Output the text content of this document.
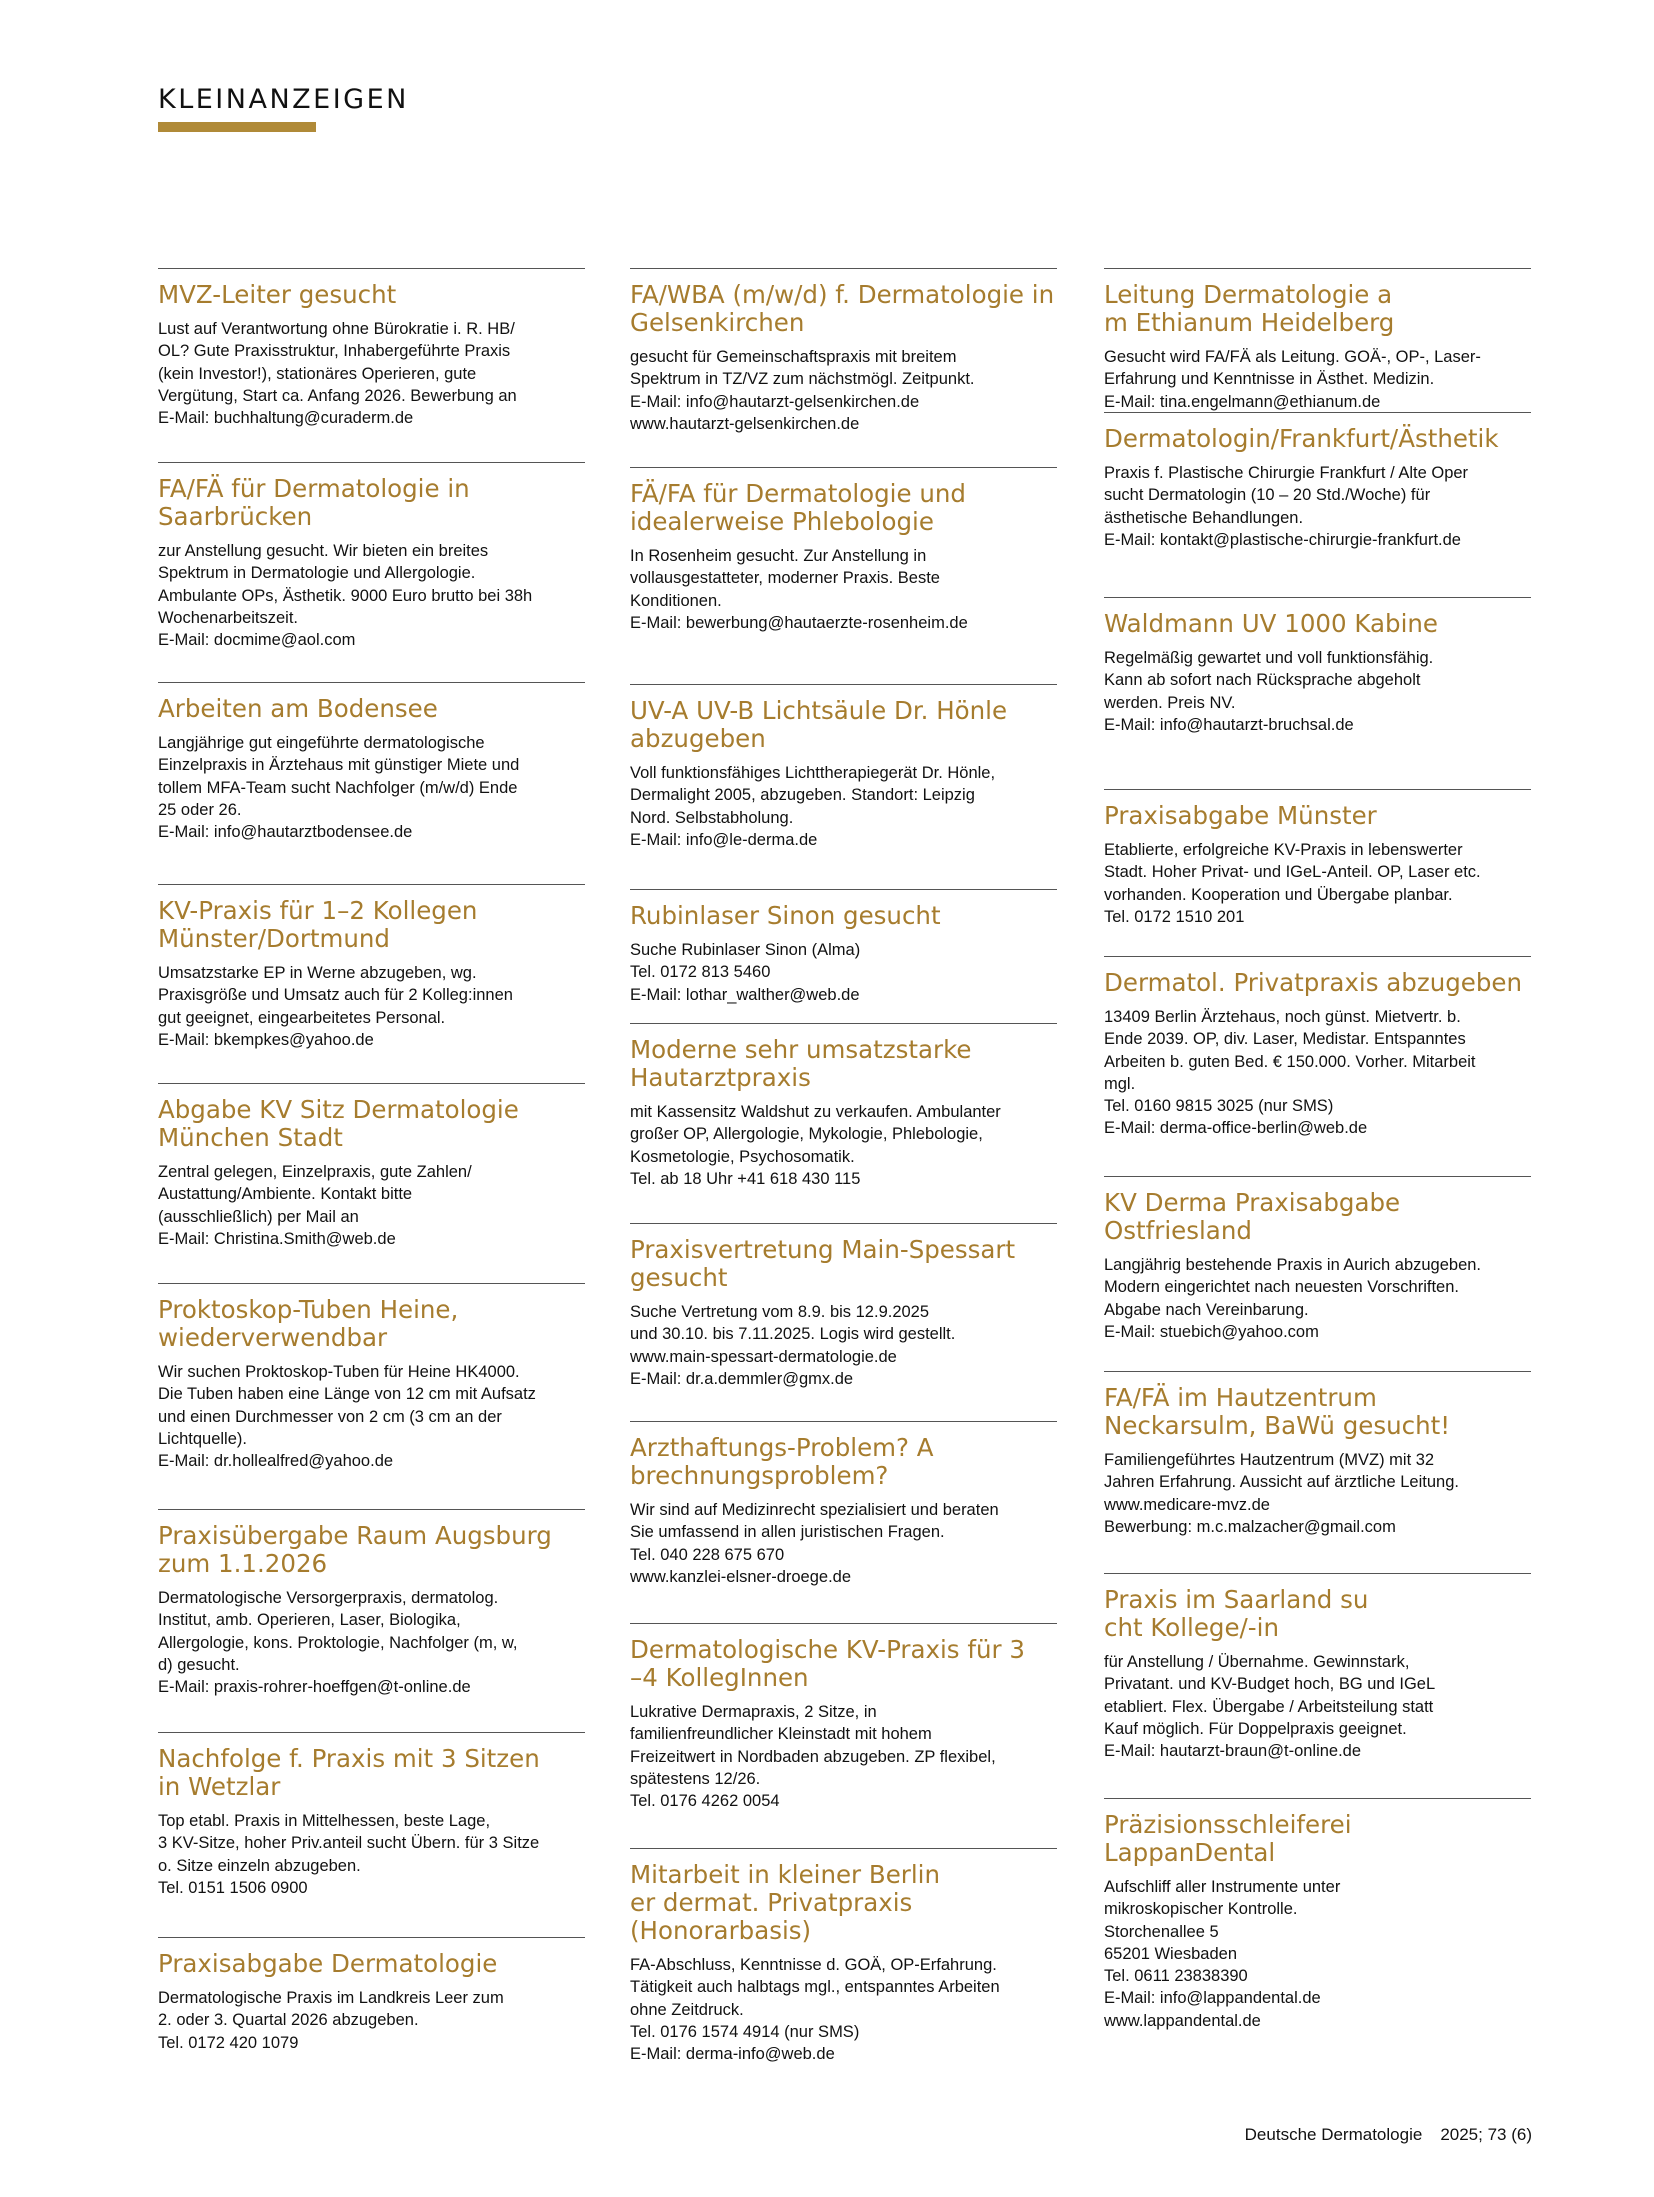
KLEINANZEIGEN
MVZ-Leiter gesucht
Lust auf Verantwortung ohne Bürokratie i. R. HB/
OL? Gute Praxisstruktur, Inhabergeführte Praxis
(kein Investor!), stationäres Operieren, gute
Vergütung, Start ca. Anfang 2026. Bewerbung an
E-Mail: buchhaltung@curaderm.de
FA/FÄ für Dermatologie in
Saarbrücken
zur Anstellung gesucht. Wir bieten ein breites
Spektrum in Dermatologie und Allergologie.
Ambulante OPs, Ästhetik. 9000 Euro brutto bei 38h
Wochenarbeitszeit.
E-Mail: docmime@aol.com
Arbeiten am Bodensee
Langjährige gut eingeführte dermatologische
Einzelpraxis in Ärztehaus mit günstiger Miete und
tollem MFA-Team sucht Nachfolger (m/w/d) Ende
25 oder 26.
E-Mail: info@hautarztbodensee.de
KV-Praxis für 1–2 Kollegen
Münster/Dortmund
Umsatzstarke EP in Werne abzugeben, wg.
Praxisgröße und Umsatz auch für 2 Kolleg:innen
gut geeignet, eingearbeitetes Personal.
E-Mail: bkempkes@yahoo.de
Abgabe KV Sitz Dermatologie
München Stadt
Zentral gelegen, Einzelpraxis, gute Zahlen/
Austattung/Ambiente. Kontakt bitte
(ausschließlich) per Mail an
E-Mail: Christina.Smith@web.de
Proktoskop-Tuben Heine,
wiederverwendbar
Wir suchen Proktoskop-Tuben für Heine HK4000.
Die Tuben haben eine Länge von 12 cm mit Aufsatz
und einen Durchmesser von 2 cm (3 cm an der
Lichtquelle).
E-Mail: dr.hollealfred@yahoo.de
Praxisübergabe Raum Augsburg
zum 1.1.2026
Dermatologische Versorgerpraxis, dermatolog.
Institut, amb. Operieren, Laser, Biologika,
Allergologie, kons. Proktologie, Nachfolger (m, w,
d) gesucht.
E-Mail: praxis-rohrer-hoeffgen@t-online.de
Nachfolge f. Praxis mit 3 Sitzen
in Wetzlar
Top etabl. Praxis in Mittelhessen, beste Lage,
3 KV-Sitze, hoher Priv.anteil sucht Übern. für 3 Sitze
o. Sitze einzeln abzugeben.
Tel. 0151 1506 0900
Praxisabgabe Dermatologie
Dermatologische Praxis im Landkreis Leer zum
2. oder 3. Quartal 2026 abzugeben.
Tel. 0172 420 1079
FA/WBA (m/w/d) f. Dermatologie in
Gelsenkirchen
gesucht für Gemeinschaftspraxis mit breitem
Spektrum in TZ/VZ zum nächstmögl. Zeitpunkt.
E-Mail: info@hautarzt-gelsenkirchen.de
www.hautarzt-gelsenkirchen.de
FÄ/FA für Dermatologie und
idealerweise Phlebologie
In Rosenheim gesucht. Zur Anstellung in
vollausgestatteter, moderner Praxis. Beste
Konditionen.
E-Mail: bewerbung@hautaerzte-rosenheim.de
UV-A UV-B Lichtsäule Dr. Hönle
abzugeben
Voll funktionsfähiges Lichttherapiegerät Dr. Hönle,
Dermalight 2005, abzugeben. Standort: Leipzig
Nord. Selbstabholung.
E-Mail: info@le-derma.de
Rubinlaser Sinon gesucht
Suche Rubinlaser Sinon (Alma)
Tel. 0172 813 5460
E-Mail: lothar_walther@web.de
Moderne sehr umsatzstarke
Hautarztpraxis
mit Kassensitz Waldshut zu verkaufen. Ambulanter
großer OP, Allergologie, Mykologie, Phlebologie,
Kosmetologie, Psychosomatik.
Tel. ab 18 Uhr +41 618 430 115
Praxisvertretung Main-Spessart
gesucht
Suche Vertretung vom 8.9. bis 12.9.2025
und 30.10. bis 7.11.2025. Logis wird gestellt.
www.main-spessart-dermatologie.de
E-Mail: dr.a.demmler@gmx.de
Arzthaftungs-Problem? A
brechnungsproblem?
Wir sind auf Medizinrecht spezialisiert und beraten
Sie umfassend in allen juristischen Fragen.
Tel. 040 228 675 670
www.kanzlei-elsner-droege.de
Dermatologische KV-Praxis für 3
–4 KollegInnen
Lukrative Dermapraxis, 2 Sitze, in
familienfreundlicher Kleinstadt mit hohem
Freizeitwert in Nordbaden abzugeben. ZP flexibel,
spätestens 12/26.
Tel. 0176 4262 0054
Mitarbeit in kleiner Berlin
er dermat. Privatpraxis (Honorarbasis)
FA-Abschluss, Kenntnisse d. GOÄ, OP-Erfahrung.
Tätigkeit auch halbtags mgl., entspanntes Arbeiten
ohne Zeitdruck.
Tel. 0176 1574 4914 (nur SMS)
E-Mail: derma-info@web.de
Leitung Dermatologie a
m Ethianum Heidelberg
Gesucht wird FA/FÄ als Leitung. GOÄ-, OP-, Laser-
Erfahrung und Kenntnisse in Ästhet. Medizin.
E-Mail: tina.engelmann@ethianum.de
Dermatologin/Frankfurt/Ästhetik
Praxis f. Plastische Chirurgie Frankfurt / Alte Oper
sucht Dermatologin (10 – 20 Std./Woche) für
ästhetische Behandlungen.
E-Mail: kontakt@plastische-chirurgie-frankfurt.de
Waldmann UV 1000 Kabine
Regelmäßig gewartet und voll funktionsfähig.
Kann ab sofort nach Rücksprache abgeholt
werden. Preis NV.
E-Mail: info@hautarzt-bruchsal.de
Praxisabgabe Münster
Etablierte, erfolgreiche KV-Praxis in lebenswerter
Stadt. Hoher Privat- und IGeL-Anteil. OP, Laser etc.
vorhanden. Kooperation und Übergabe planbar.
Tel. 0172 1510 201
Dermatol. Privatpraxis abzugeben
13409 Berlin Ärztehaus, noch günst. Mietvertr. b.
Ende 2039. OP, div. Laser, Medistar. Entspanntes
Arbeiten b. guten Bed. € 150.000. Vorher. Mitarbeit
mgl.
Tel. 0160 9815 3025 (nur SMS)
E-Mail: derma-office-berlin@web.de
KV Derma Praxisabgabe
Ostfriesland
Langjährig bestehende Praxis in Aurich abzugeben.
Modern eingerichtet nach neuesten Vorschriften.
Abgabe nach Vereinbarung.
E-Mail: stuebich@yahoo.com
FA/FÄ im Hautzentrum
Neckarsulm, BaWü gesucht!
Familiengeführtes Hautzentrum (MVZ) mit 32
Jahren Erfahrung. Aussicht auf ärztliche Leitung.
www.medicare-mvz.de
Bewerbung: m.c.malzacher@gmail.com
Praxis im Saarland su
cht Kollege/-in
für Anstellung / Übernahme. Gewinnstark,
Privatant. und KV-Budget hoch, BG und IGeL
etabliert. Flex. Übergabe / Arbeitsteilung statt
Kauf möglich. Für Doppelpraxis geeignet.
E-Mail: hautarzt-braun@t-online.de
Präzisionsschleiferei
LappanDental
Aufschliff aller Instrumente unter
mikroskopischer Kontrolle.
Storchenallee 5
65201 Wiesbaden
Tel. 0611 23838390
E-Mail: info@lappandental.de
www.lappandental.de
Deutsche Dermatologie 2025; 73 (6)
